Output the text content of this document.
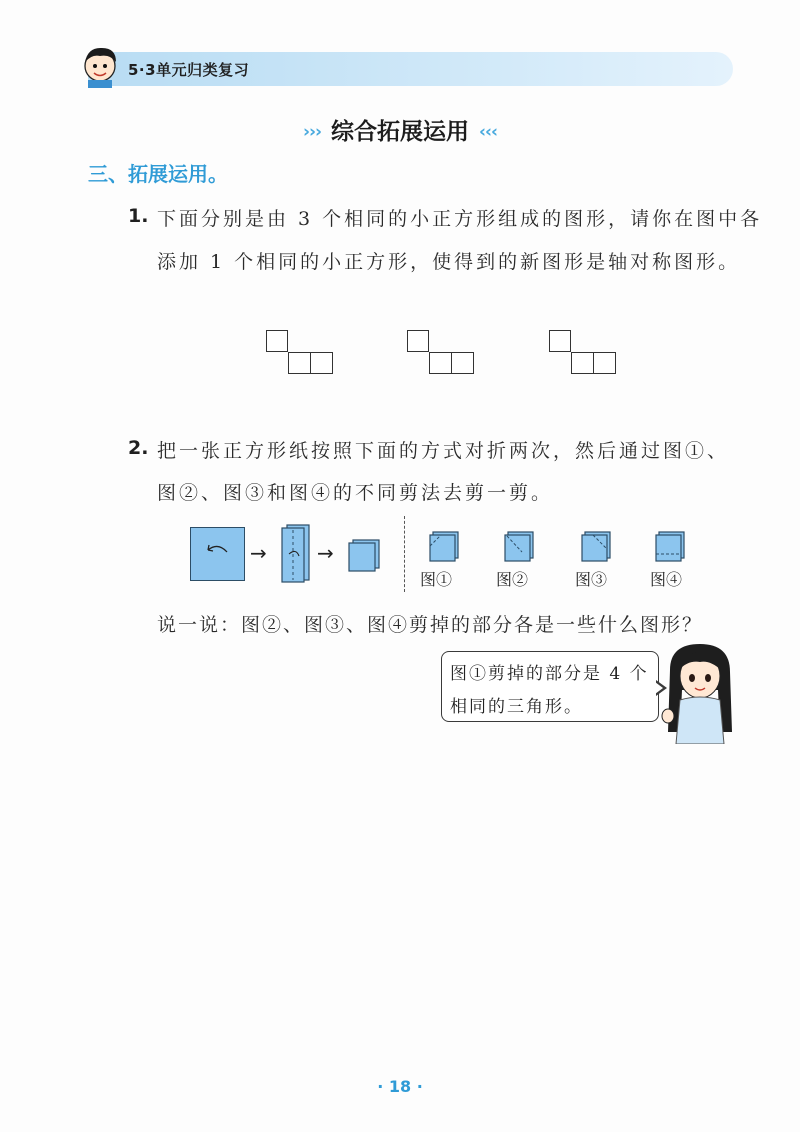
5·3单元归类复习
››› 综合拓展运用 ‹‹‹
三、拓展运用。
1. 下面分别是由 3 个相同的小正方形组成的图形，请你在图中各
添加 1 个相同的小正方形，使得到的新图形是轴对称图形。
2. 把一张正方形纸按照下面的方式对折两次，然后通过图①、
图②、图③和图④的不同剪法去剪一剪。
→	→
图①	图②	图③	图④
说一说：图②、图③、图④剪掉的部分各是一些什么图形？
图①剪掉的部分是 4 个
相同的三角形。
· 18 ·
